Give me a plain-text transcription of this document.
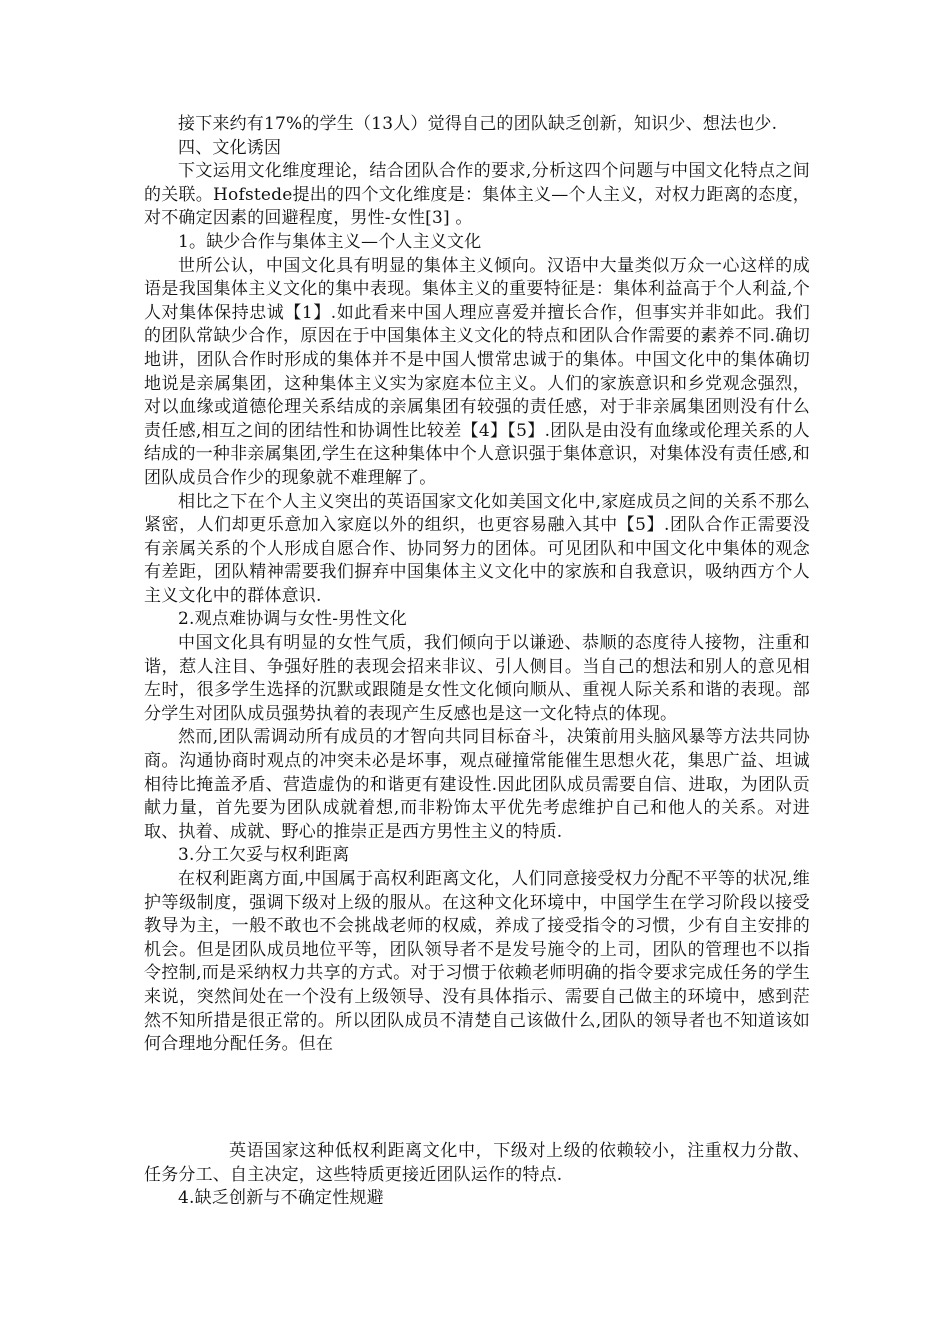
接下来约有17%的学生（13人）觉得自己的团队缺乏创新，知识少、想法也少.

四、文化诱因

下文运用文化维度理论，结合团队合作的要求,分析这四个问题与中国文化特点之间的关联。Hofstede提出的四个文化维度是：集体主义—个人主义，对权力距离的态度，对不确定因素的回避程度，男性-女性[3] 。

1。缺少合作与集体主义—个人主义文化

世所公认，中国文化具有明显的集体主义倾向。汉语中大量类似万众一心这样的成语是我国集体主义文化的集中表现。集体主义的重要特征是：集体利益高于个人利益,个人对集体保持忠诚【1】.如此看来中国人理应喜爱并擅长合作，但事实并非如此。我们的团队常缺少合作，原因在于中国集体主义文化的特点和团队合作需要的素养不同.确切地讲，团队合作时形成的集体并不是中国人惯常忠诚于的集体。中国文化中的集体确切地说是亲属集团，这种集体主义实为家庭本位主义。人们的家族意识和乡党观念强烈，对以血缘或道德伦理关系结成的亲属集团有较强的责任感，对于非亲属集团则没有什么责任感,相互之间的团结性和协调性比较差【4】【5】.团队是由没有血缘或伦理关系的人结成的一种非亲属集团,学生在这种集体中个人意识强于集体意识，对集体没有责任感,和团队成员合作少的现象就不难理解了。

相比之下在个人主义突出的英语国家文化如美国文化中,家庭成员之间的关系不那么紧密，人们却更乐意加入家庭以外的组织，也更容易融入其中【5】.团队合作正需要没有亲属关系的个人形成自愿合作、协同努力的团体。可见团队和中国文化中集体的观念有差距，团队精神需要我们摒弃中国集体主义文化中的家族和自我意识，吸纳西方个人主义文化中的群体意识.

2.观点难协调与女性-男性文化

中国文化具有明显的女性气质，我们倾向于以谦逊、恭顺的态度待人接物，注重和谐，惹人注目、争强好胜的表现会招来非议、引人侧目。当自己的想法和别人的意见相左时，很多学生选择的沉默或跟随是女性文化倾向顺从、重视人际关系和谐的表现。部分学生对团队成员强势执着的表现产生反感也是这一文化特点的体现。

然而,团队需调动所有成员的才智向共同目标奋斗，决策前用头脑风暴等方法共同协商。沟通协商时观点的冲突未必是坏事，观点碰撞常能催生思想火花，集思广益、坦诚相待比掩盖矛盾、营造虚伪的和谐更有建设性.因此团队成员需要自信、进取，为团队贡献力量，首先要为团队成就着想,而非粉饰太平优先考虑维护自己和他人的关系。对进取、执着、成就、野心的推崇正是西方男性主义的特质.

3.分工欠妥与权利距离

在权利距离方面,中国属于高权利距离文化，人们同意接受权力分配不平等的状况,维护等级制度，强调下级对上级的服从。在这种文化环境中，中国学生在学习阶段以接受教导为主，一般不敢也不会挑战老师的权威，养成了接受指令的习惯，少有自主安排的机会。但是团队成员地位平等，团队领导者不是发号施令的上司，团队的管理也不以指令控制,而是采纳权力共享的方式。对于习惯于依赖老师明确的指令要求完成任务的学生来说，突然间处在一个没有上级领导、没有具体指示、需要自己做主的环境中，感到茫然不知所措是很正常的。所以团队成员不清楚自己该做什么,团队的领导者也不知道该如何合理地分配任务。但在

英语国家这种低权利距离文化中，下级对上级的依赖较小，注重权力分散、任务分工、自主决定，这些特质更接近团队运作的特点.

4.缺乏创新与不确定性规避
